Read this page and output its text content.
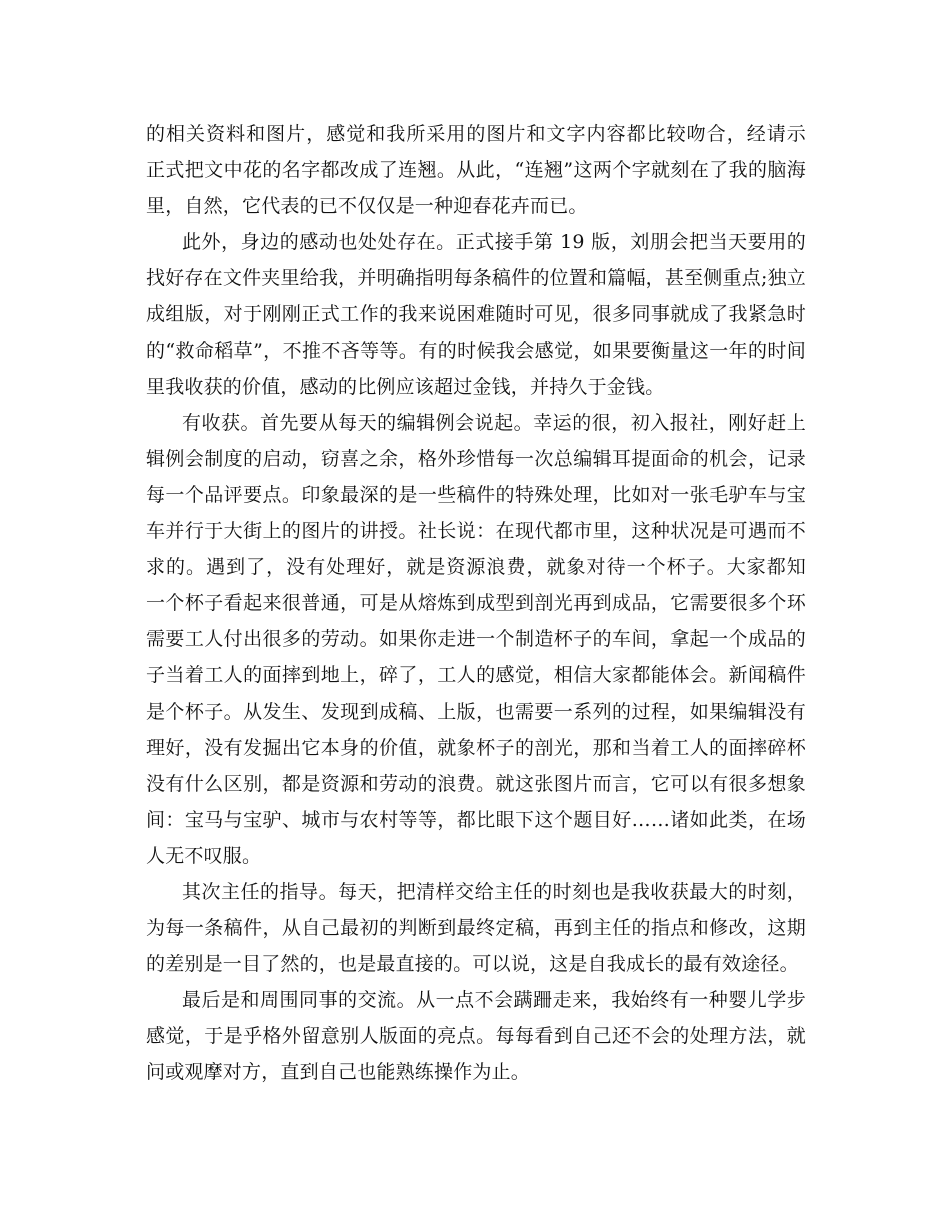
的相关资料和图片，感觉和我所采用的图片和文字内容都比较吻合，经请示
正式把文中花的名字都改成了连翘。从此，“连翘”这两个字就刻在了我的脑海
里，自然，它代表的已不仅仅是一种迎春花卉而已。
此外，身边的感动也处处存在。正式接手第 19 版，刘朋会把当天要用的
找好存在文件夹里给我，并明确指明每条稿件的位置和篇幅，甚至侧重点;独立
成组版，对于刚刚正式工作的我来说困难随时可见，很多同事就成了我紧急时
的“救命稻草”，不推不吝等等。有的时候我会感觉，如果要衡量这一年的时间
里我收获的价值，感动的比例应该超过金钱，并持久于金钱。
有收获。首先要从每天的编辑例会说起。幸运的很，初入报社，刚好赶上
辑例会制度的启动，窃喜之余，格外珍惜每一次总编辑耳提面命的机会，记录
每一个品评要点。印象最深的是一些稿件的特殊处理，比如对一张毛驴车与宝
车并行于大街上的图片的讲授。社长说：在现代都市里，这种状况是可遇而不
求的。遇到了，没有处理好，就是资源浪费，就象对待一个杯子。大家都知
一个杯子看起来很普通，可是从熔炼到成型到剖光再到成品，它需要很多个环
需要工人付出很多的劳动。如果你走进一个制造杯子的车间，拿起一个成品的
子当着工人的面摔到地上，碎了，工人的感觉，相信大家都能体会。新闻稿件
是个杯子。从发生、发现到成稿、上版，也需要一系列的过程，如果编辑没有
理好，没有发掘出它本身的价值，就象杯子的剖光，那和当着工人的面摔碎杯
没有什么区别，都是资源和劳动的浪费。就这张图片而言，它可以有很多想象
间：宝马与宝驴、城市与农村等等，都比眼下这个题目好……诸如此类，在场
人无不叹服。
其次主任的指导。每天，把清样交给主任的时刻也是我收获最大的时刻，
为每一条稿件，从自己最初的判断到最终定稿，再到主任的指点和修改，这期
的差别是一目了然的，也是最直接的。可以说，这是自我成长的最有效途径。
最后是和周围同事的交流。从一点不会蹒跚走来，我始终有一种婴儿学步
感觉，于是乎格外留意别人版面的亮点。每每看到自己还不会的处理方法，就
问或观摩对方，直到自己也能熟练操作为止。
